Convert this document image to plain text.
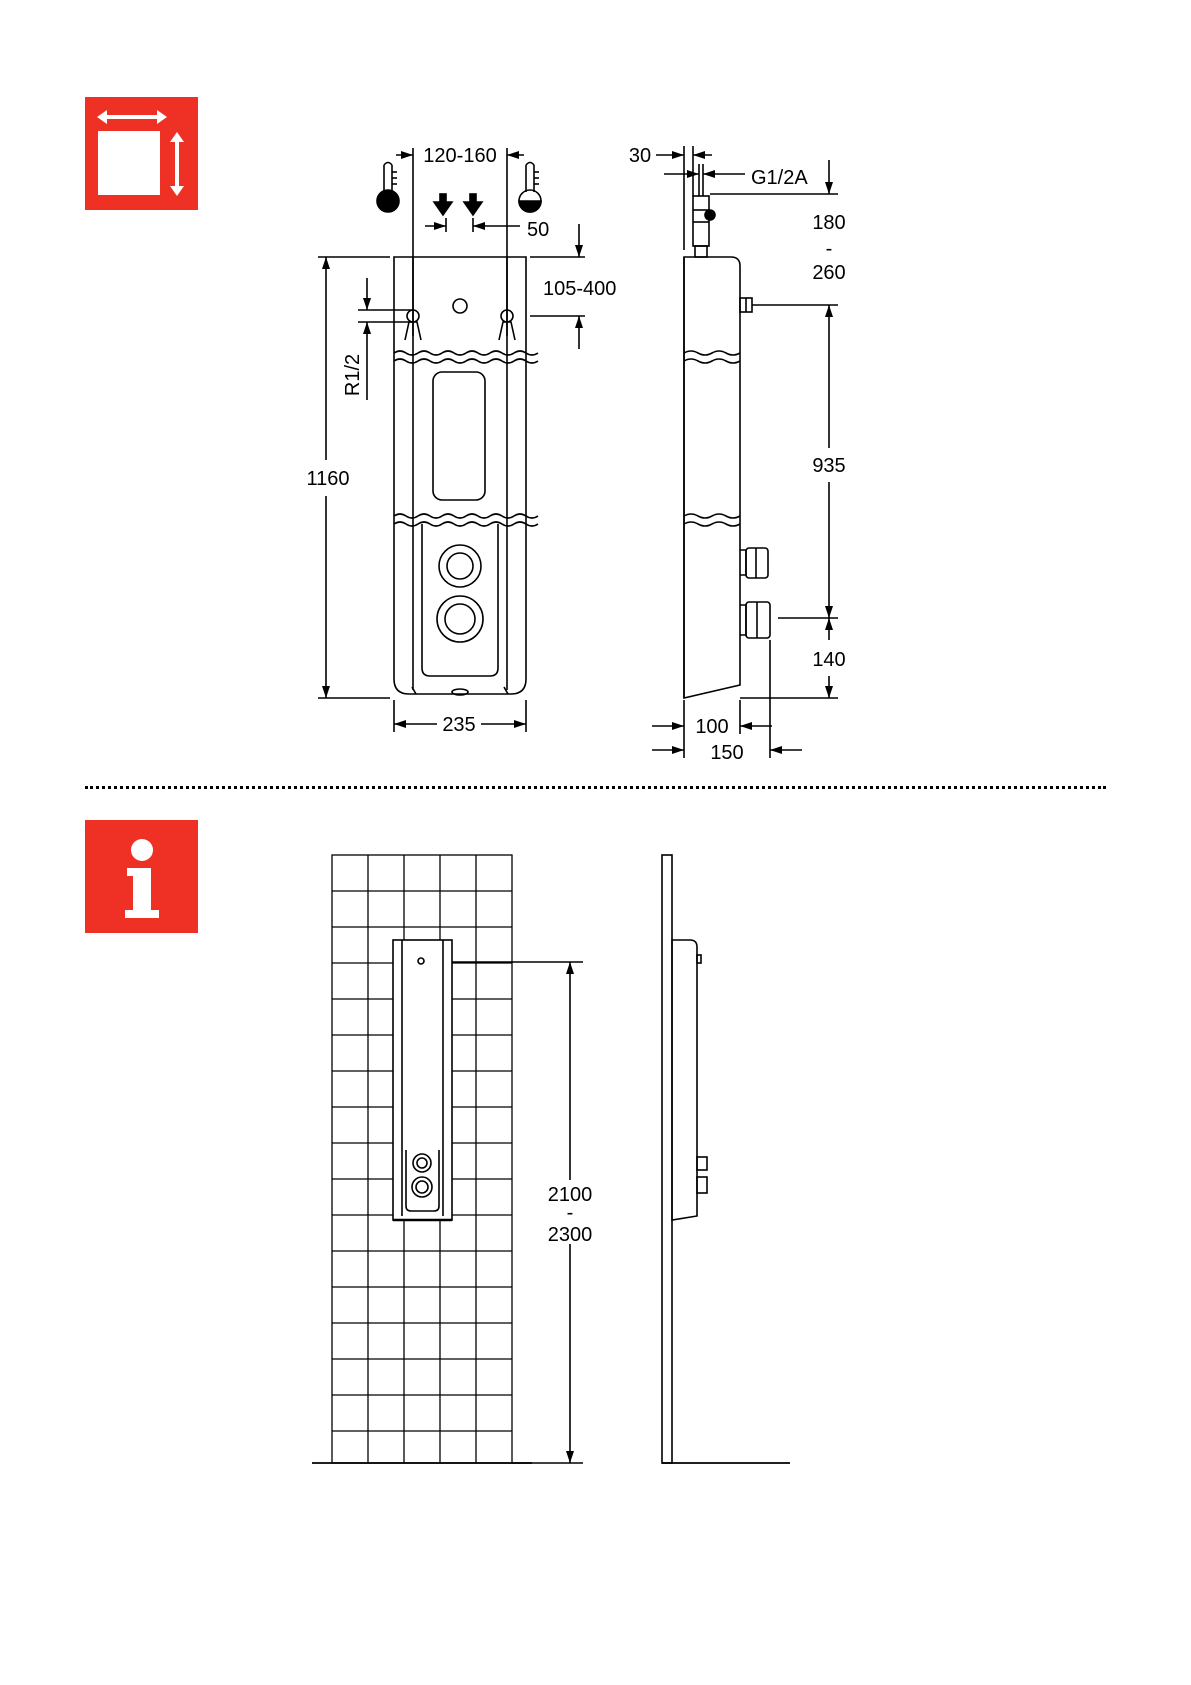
120-160
50
105-400
R1/2
1160
235
30
G1/2A
180
-
260
935
140
100
150
2100
-
2300
